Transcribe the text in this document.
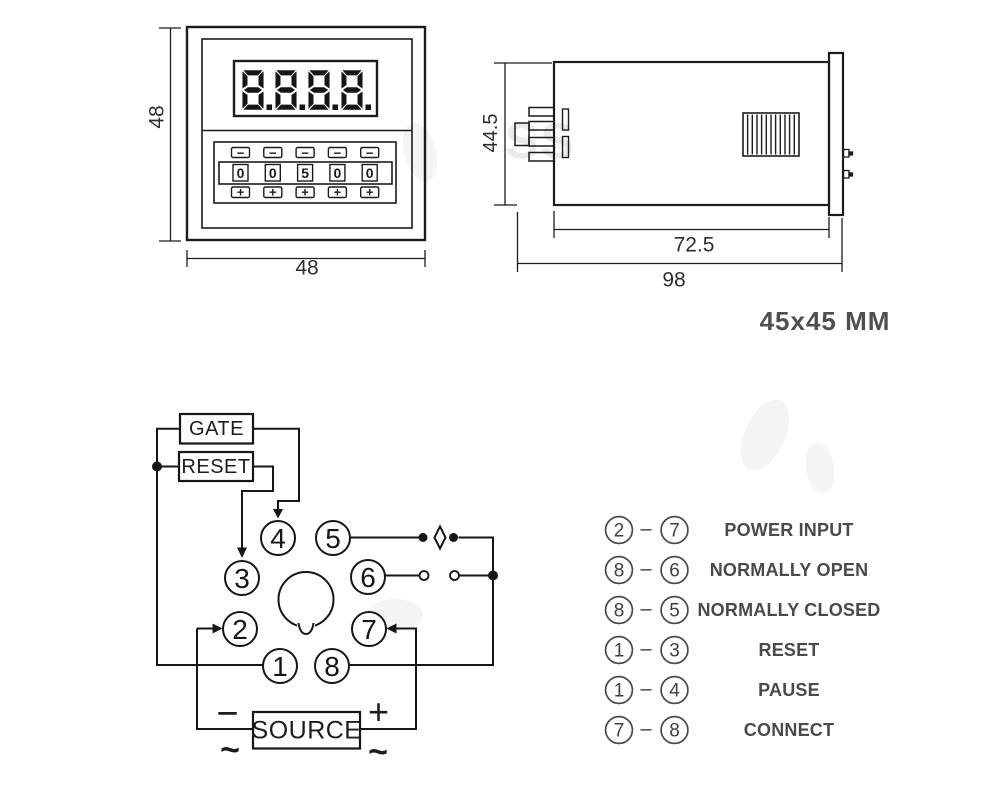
SS
48
48
− − − − −
0 0 5 0 0
+ + + + +
44.5
72.5
98
45x45 MM
GATE
RESET
SOURCE
−	+
~	~
4 5
3	6
2	7
1 8
2 – 7 POWER INPUT
8 – 6 NORMALLY OPEN
8 – 5 NORMALLY CLOSED
1 – 3	RESET
1 – 4	PAUSE
7 – 8	CONNECT
